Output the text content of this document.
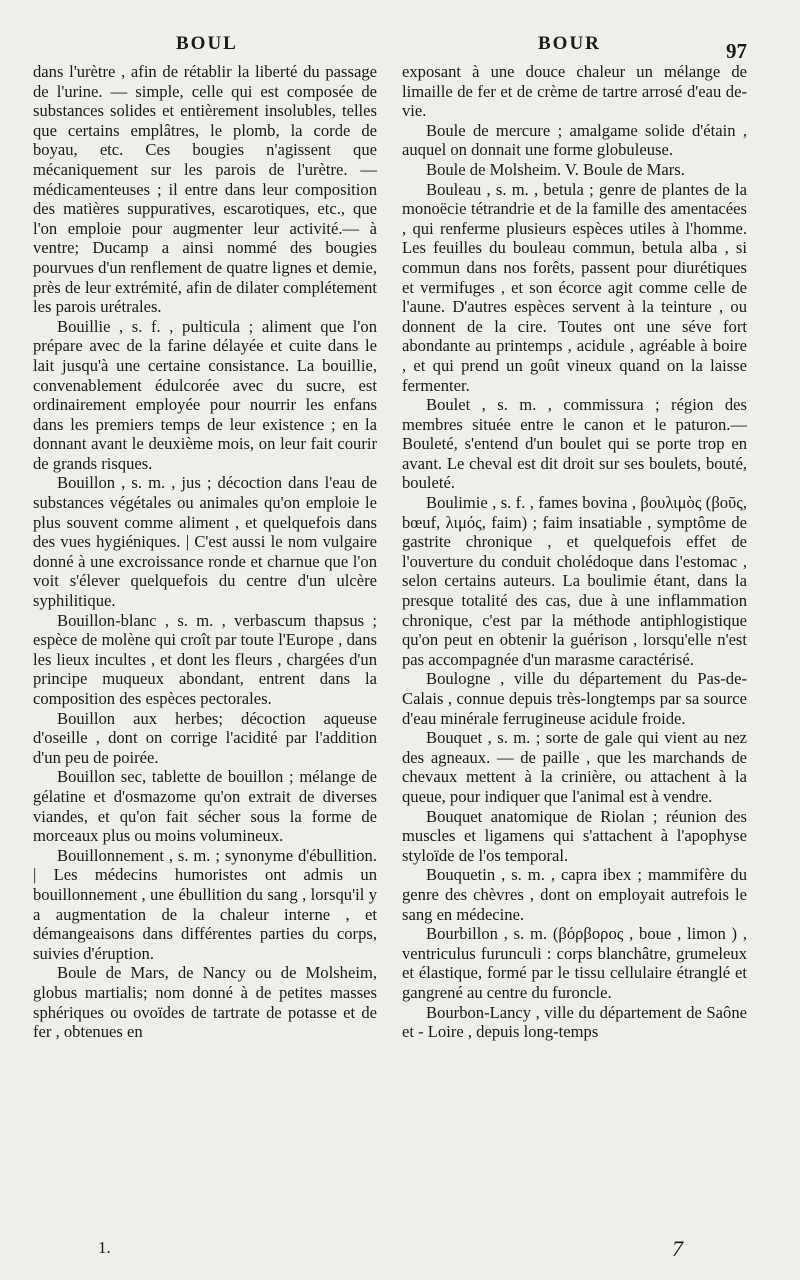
BOUL	BOUR	97

dans l'urètre , afin de rétablir la liberté du passage de l'urine. — simple, celle qui est composée de substances solides et entièrement insolubles, telles que certains emplâtres, le plomb, la corde de boyau, etc. Ces bougies n'agissent que mécaniquement sur les parois de l'urètre. — médicamenteuses ; il entre dans leur composition des matières suppuratives, escarotiques, etc., que l'on emploie pour augmenter leur activité.— à ventre; Ducamp a ainsi nommé des bougies pourvues d'un renflement de quatre lignes et demie, près de leur extrémité, afin de dilater complétement les parois urétrales.

Bouillie , s. f. , pulticula ; aliment que l'on prépare avec de la farine délayée et cuite dans le lait jusqu'à une certaine consistance. La bouillie, convenablement édulcorée avec du sucre, est ordinairement employée pour nourrir les enfans dans les premiers temps de leur existence ; en la donnant avant le deuxième mois, on leur fait courir de grands risques.

Bouillon , s. m. , jus ; décoction dans l'eau de substances végétales ou animales qu'on emploie le plus souvent comme aliment , et quelquefois dans des vues hygiéniques. | C'est aussi le nom vulgaire donné à une excroissance ronde et charnue que l'on voit s'élever quelquefois du centre d'un ulcère syphilitique.

Bouillon-blanc , s. m. , verbascum thapsus ; espèce de molène qui croît par toute l'Europe , dans les lieux incultes , et dont les fleurs , chargées d'un principe muqueux abondant, entrent dans la composition des espèces pectorales.

Bouillon aux herbes; décoction aqueuse d'oseille , dont on corrige l'acidité par l'addition d'un peu de poirée.

Bouillon sec, tablette de bouillon ; mélange de gélatine et d'osmazome qu'on extrait de diverses viandes, et qu'on fait sécher sous la forme de morceaux plus ou moins volumineux.

Bouillonnement , s. m. ; synonyme d'ébullition. | Les médecins humoristes ont admis un bouillonnement , une ébullition du sang , lorsqu'il y a augmentation de la chaleur interne , et démangeaisons dans différentes parties du corps, suivies d'éruption.

Boule de Mars, de Nancy ou de Molsheim, globus martialis; nom donné à de petites masses sphériques ou ovoïdes de tartrate de potasse et de fer , obtenues en

exposant à une douce chaleur un mélange de limaille de fer et de crème de tartre arrosé d'eau de-vie.

Boule de mercure ; amalgame solide d'étain , auquel on donnait une forme globuleuse.

Boule de Molsheim. V. Boule de Mars.

Bouleau , s. m. , betula ; genre de plantes de la monoëcie tétrandrie et de la famille des amentacées , qui renferme plusieurs espèces utiles à l'homme. Les feuilles du bouleau commun, betula alba , si commun dans nos forêts, passent pour diurétiques et vermifuges , et son écorce agit comme celle de l'aune. D'autres espèces servent à la teinture , ou donnent de la cire. Toutes ont une séve fort abondante au printemps , acidule , agréable à boire , et qui prend un goût vineux quand on la laisse fermenter.

Boulet , s. m. , commissura ; région des membres située entre le canon et le paturon.—Bouleté, s'entend d'un boulet qui se porte trop en avant. Le cheval est dit droit sur ses boulets, bouté, bouleté.

Boulimie , s. f. , fames bovina , βουλιμὸς (βοῦς, bœuf, λιμός, faim) ; faim insatiable , symptôme de gastrite chronique , et quelquefois effet de l'ouverture du conduit cholédoque dans l'estomac , selon certains auteurs. La boulimie étant, dans la presque totalité des cas, due à une inflammation chronique, c'est par la méthode antiphlogistique qu'on peut en obtenir la guérison , lorsqu'elle n'est pas accompagnée d'un marasme caractérisé.

Boulogne , ville du département du Pas-de-Calais , connue depuis très-longtemps par sa source d'eau minérale ferrugineuse acidule froide.

Bouquet , s. m. ; sorte de gale qui vient au nez des agneaux. — de paille , que les marchands de chevaux mettent à la crinière, ou attachent à la queue, pour indiquer que l'animal est à vendre.

Bouquet anatomique de Riolan ; réunion des muscles et ligamens qui s'attachent à l'apophyse styloïde de l'os temporal.

Bouquetin , s. m. , capra ibex ; mammifère du genre des chèvres , dont on employait autrefois le sang en médecine.

Bourbillon , s. m. (βόρβορος , boue , limon ) , ventriculus furunculi : corps blanchâtre, grumeleux et élastique, formé par le tissu cellulaire étranglé et gangrené au centre du furoncle.

Bourbon-Lancy , ville du département de Saône et - Loire , depuis long-temps

1.	7
